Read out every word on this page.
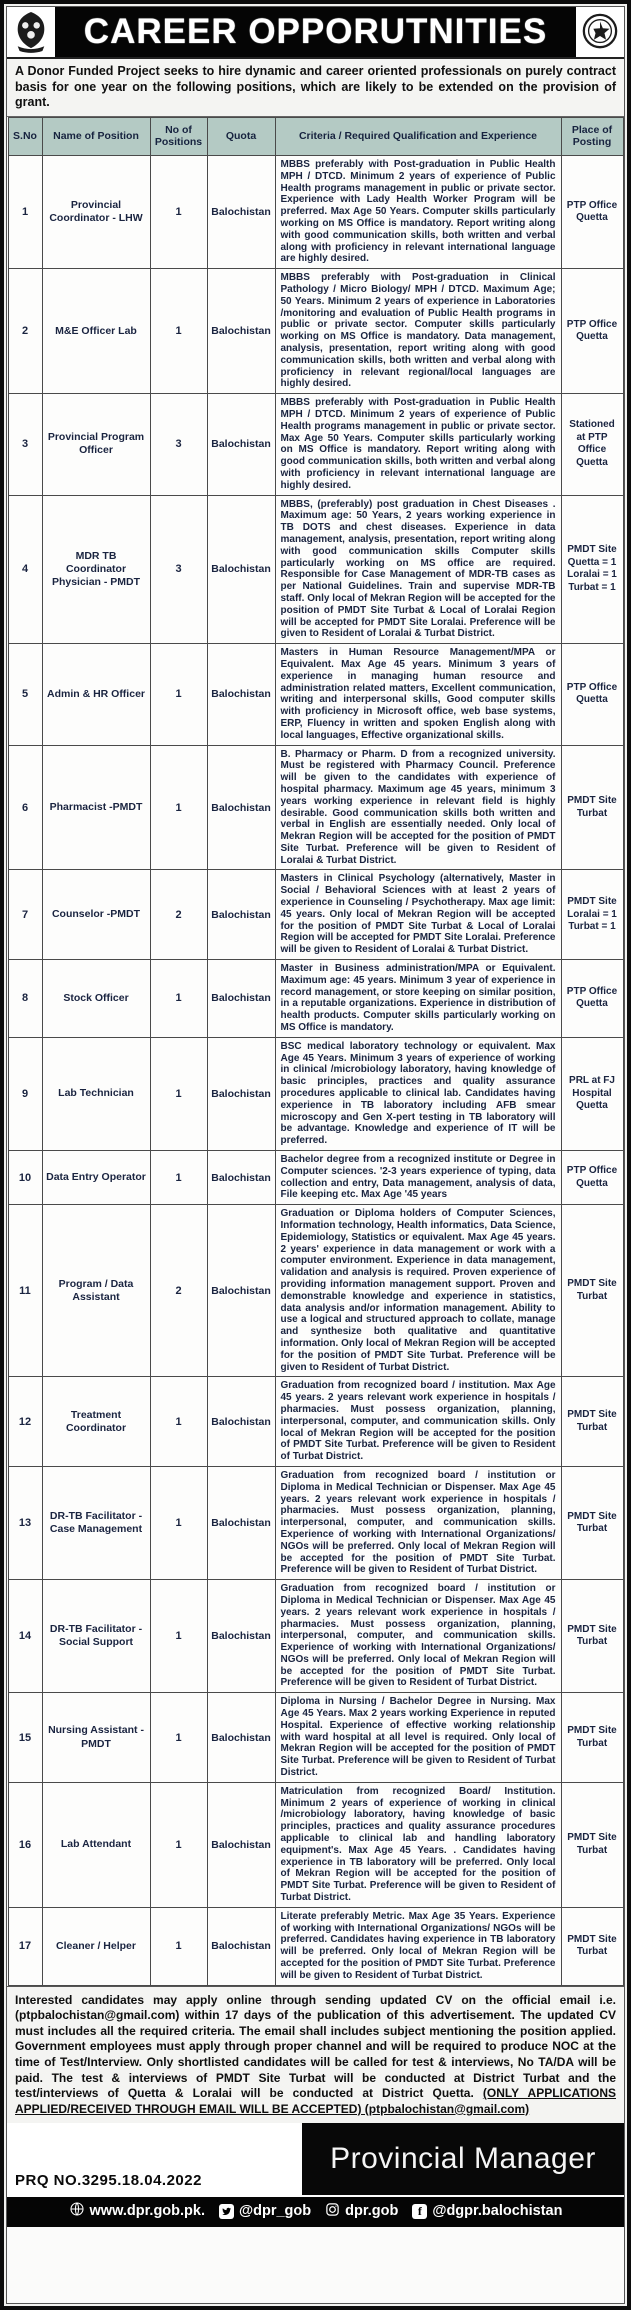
CAREER OPPORUTNITIES

A Donor Funded Project seeks to hire dynamic and career oriented professionals on purely contract basis for one year on the following positions, which are likely to be extended on the provision of grant.

S.No	Name of Position	No of Positions	Quota	Criteria / Required Qualification and Experience	Place of Posting
1	Provincial Coordinator - LHW	1	Balochistan	MBBS preferably with Post-graduation in Public Health MPH / DTCD. Minimum 2 years of experience of Public Health programs management in public or private sector. Experience with Lady Health Worker Program will be preferred. Max Age 50 Years. Computer skills particularly working on MS Office is mandatory. Report writing along with good communication skills, both written and verbal along with proficiency in relevant international language are highly desired.	PTP Office Quetta
2	M&E Officer Lab	1	Balochistan	MBBS preferably with Post-graduation in Clinical Pathology / Micro Biology/ MPH / DTCD. Maximum Age; 50 Years. Minimum 2 years of experience in Laboratories /monitoring and evaluation of Public Health programs in public or private sector. Computer skills particularly working on MS Office is mandatory. Data management, analysis, presentation, report writing along with good communication skills, both written and verbal along with proficiency in relevant regional/local languages are highly desired.	PTP Office Quetta
3	Provincial Program Officer	3	Balochistan	MBBS preferably with Post-graduation in Public Health MPH / DTCD. Minimum 2 years of experience of Public Health programs management in public or private sector. Max Age 50 Years. Computer skills particularly working on MS Office is mandatory. Report writing along with good communication skills, both written and verbal along with proficiency in relevant international language are highly desired.	Stationed at PTP Office Quetta
4	MDR TB Coordinator Physician - PMDT	3	Balochistan	MBBS, (preferably) post graduation in Chest Diseases . Maximum age: 50 Years, 2 years working experience in TB DOTS and chest diseases. Experience in data management, analysis, presentation, report writing along with good communication skills Computer skills particularly working on MS office are required. Responsible for Case Management of MDR-TB cases as per National Guidelines. Train and supervise MDR-TB staff. Only local of Mekran Region will be accepted for the position of PMDT Site Turbat & Local of Loralai Region will be accepted for PMDT Site Loralai. Preference will be given to Resident of Loralai & Turbat District.	PMDT Site Quetta = 1 Loralai = 1 Turbat = 1
5	Admin & HR Officer	1	Balochistan	Masters in Human Resource Management/MPA or Equivalent. Max Age 45 years. Minimum 3 years of experience in managing human resource and administration related matters, Excellent communication, writing and interpersonal skills, Good computer skills with proficiency in Microsoft office, web base systems, ERP, Fluency in written and spoken English along with local languages, Effective organizational skills.	PTP Office Quetta
6	Pharmacist -PMDT	1	Balochistan	B. Pharmacy or Pharm. D from a recognized university. Must be registered with Pharmacy Council. Preference will be given to the candidates with experience of hospital pharmacy. Maximum age 45 years, minimum 3 years working experience in relevant field is highly desirable. Good communication skills both written and verbal in English are essentially needed. Only local of Mekran Region will be accepted for the position of PMDT Site Turbat. Preference will be given to Resident of Loralai & Turbat District.	PMDT Site Turbat
7	Counselor -PMDT	2	Balochistan	Masters in Clinical Psychology (alternatively, Master in Social / Behavioral Sciences with at least 2 years of experience in Counseling / Psychotherapy. Max age limit: 45 years. Only local of Mekran Region will be accepted for the position of PMDT Site Turbat & Local of Loralai Region will be accepted for PMDT Site Loralai. Preference will be given to Resident of Loralai & Turbat District.	PMDT Site Loralai = 1 Turbat = 1
8	Stock Officer	1	Balochistan	Master in Business administration/MPA or Equivalent. Maximum age: 45 years. Minimum 3 year of experience in record management, or store keeping on similar position, in a reputable organizations. Experience in distribution of health products. Computer skills particularly working on MS Office is mandatory.	PTP Office Quetta
9	Lab Technician	1	Balochistan	BSC medical laboratory technology or equivalent. Max Age 45 Years. Minimum 3 years of experience of working in clinical /microbiology laboratory, having knowledge of basic principles, practices and quality assurance procedures applicable to clinical lab. Candidates having experience in TB laboratory including AFB smear microscopy and Gen X-pert testing in TB laboratory will be advantage. Knowledge and experience of IT will be preferred.	PRL at FJ Hospital Quetta
10	Data Entry Operator	1	Balochistan	Bachelor degree from a recognized institute or Degree in Computer sciences. '2-3 years experience of typing, data collection and entry, Data management, analysis of data, File keeping etc. Max Age '45 years	PTP Office Quetta
11	Program / Data Assistant	2	Balochistan	Graduation or Diploma holders of Computer Sciences, Information technology, Health informatics, Data Science, Epidemiology, Statistics or equivalent. Max Age 45 years. 2 years' experience in data management or work with a computer environment. Experience in data management, validation and analysis is required. Proven experience of providing information management support. Proven and demonstrable knowledge and experience in statistics, data analysis and/or information management. Ability to use a logical and structured approach to collate, manage and synthesize both qualitative and quantitative information. Only local of Mekran Region will be accepted for the position of PMDT Site Turbat. Preference will be given to Resident of Turbat District.	PMDT Site Turbat
12	Treatment Coordinator	1	Balochistan	Graduation from recognized board / institution. Max Age 45 years. 2 years relevant work experience in hospitals / pharmacies. Must possess organization, planning, interpersonal, computer, and communication skills. Only local of Mekran Region will be accepted for the position of PMDT Site Turbat. Preference will be given to Resident of Turbat District.	PMDT Site Turbat
13	DR-TB Facilitator - Case Management	1	Balochistan	Graduation from recognized board / institution or Diploma in Medical Technician or Dispenser. Max Age 45 years. 2 years relevant work experience in hospitals / pharmacies. Must possess organization, planning, interpersonal, computer, and communication skills. Experience of working with International Organizations/ NGOs will be preferred. Only local of Mekran Region will be accepted for the position of PMDT Site Turbat. Preference will be given to Resident of Turbat District.	PMDT Site Turbat
14	DR-TB Facilitator - Social Support	1	Balochistan	Graduation from recognized board / institution or Diploma in Medical Technician or Dispenser. Max Age 45 years. 2 years relevant work experience in hospitals / pharmacies. Must possess organization, planning, interpersonal, computer, and communication skills. Experience of working with International Organizations/ NGOs will be preferred. Only local of Mekran Region will be accepted for the position of PMDT Site Turbat. Preference will be given to Resident of Turbat District.	PMDT Site Turbat
15	Nursing Assistant - PMDT	1	Balochistan	Diploma in Nursing / Bachelor Degree in Nursing. Max Age 45 Years. Max 2 years working Experience in reputed Hospital. Experience of effective working relationship with ward hospital at all level is required. Only local of Mekran Region will be accepted for the position of PMDT Site Turbat. Preference will be given to Resident of Turbat District.	PMDT Site Turbat
16	Lab Attendant	1	Balochistan	Matriculation from recognized Board/ Institution. Minimum 2 years of experience of working in clinical /microbiology laboratory, having knowledge of basic principles, practices and quality assurance procedures applicable to clinical lab and handling laboratory equipment's. Max Age 45 Years. . Candidates having experience in TB laboratory will be preferred. Only local of Mekran Region will be accepted for the position of PMDT Site Turbat. Preference will be given to Resident of Turbat District.	PMDT Site Turbat
17	Cleaner / Helper	1	Balochistan	Literate preferably Metric. Max Age 35 Years. Experience of working with International Organizations/ NGOs will be preferred. Candidates having experience in TB laboratory will be preferred. Only local of Mekran Region will be accepted for the position of PMDT Site Turbat. Preference will be given to Resident of Turbat District.	PMDT Site Turbat

Interested candidates may apply online through sending updated CV on the official email i.e. (ptpbalochistan@gmail.com) within 17 days of the publication of this advertisement. The updated CV must includes all the required criteria. The email shall includes subject mentioning the position applied. Government employees must apply through proper channel and will be required to produce NOC at the time of Test/Interview. Only shortlisted candidates will be called for test & interviews, No TA/DA will be paid. The test & interviews of PMDT Site Turbat will be conducted at District Turbat and the test/interviews of Quetta & Loralai will be conducted at District Quetta. (ONLY APPLICATIONS APPLIED/RECEIVED THROUGH EMAIL WILL BE ACCEPTED) (ptpbalochistan@gmail.com)

PRQ NO.3295.18.04.2022
Provincial Manager
www.dpr.gob.pk. @dpr_gob dpr.gob f @dgpr.balochistan
